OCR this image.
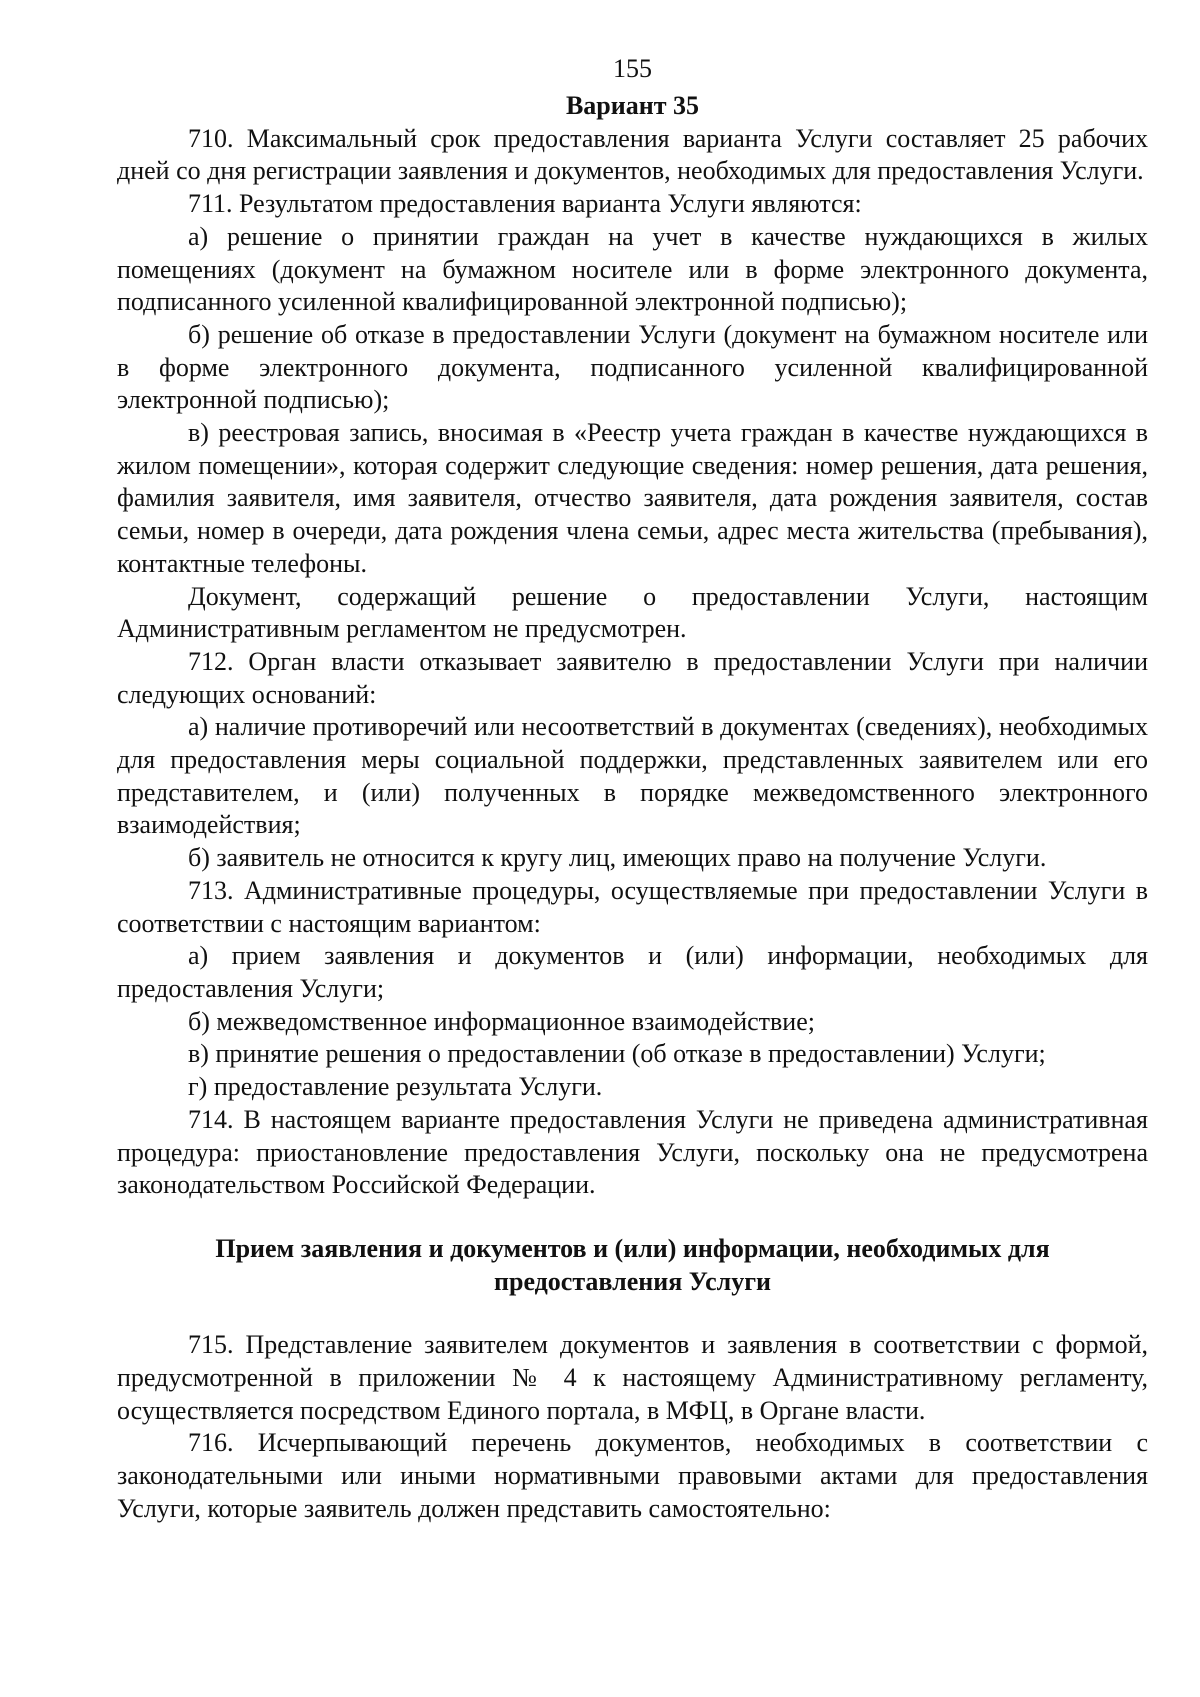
155

Вариант 35

710. Максимальный срок предоставления варианта Услуги составляет 25 рабочих дней со дня регистрации заявления и документов, необходимых для предоставления Услуги.

711. Результатом предоставления варианта Услуги являются:

а) решение о принятии граждан на учет в качестве нуждающихся в жилых помещениях (документ на бумажном носителе или в форме электронного документа, подписанного усиленной квалифицированной электронной подписью);

б) решение об отказе в предоставлении Услуги (документ на бумажном носителе или в форме электронного документа, подписанного усиленной квалифицированной электронной подписью);

в) реестровая запись, вносимая в «Реестр учета граждан в качестве нуждающихся в жилом помещении», которая содержит следующие сведения: номер решения, дата решения, фамилия заявителя, имя заявителя, отчество заявителя, дата рождения заявителя, состав семьи, номер в очереди, дата рождения члена семьи, адрес места жительства (пребывания), контактные телефоны.

Документ, содержащий решение о предоставлении Услуги, настоящим Административным регламентом не предусмотрен.

712. Орган власти отказывает заявителю в предоставлении Услуги при наличии следующих оснований:

а) наличие противоречий или несоответствий в документах (сведениях), необходимых для предоставления меры социальной поддержки, представленных заявителем или его представителем, и (или) полученных в порядке межведомственного электронного взаимодействия;

б) заявитель не относится к кругу лиц, имеющих право на получение Услуги.

713. Административные процедуры, осуществляемые при предоставлении Услуги в соответствии с настоящим вариантом:

а) прием заявления и документов и (или) информации, необходимых для предоставления Услуги;

б) межведомственное информационное взаимодействие;

в) принятие решения о предоставлении (об отказе в предоставлении) Услуги;

г) предоставление результата Услуги.

714. В настоящем варианте предоставления Услуги не приведена административная процедура: приостановление предоставления Услуги, поскольку она не предусмотрена законодательством Российской Федерации.

Прием заявления и документов и (или) информации, необходимых для предоставления Услуги

715. Представление заявителем документов и заявления в соответствии с формой, предусмотренной в приложении № 4 к настоящему Административному регламенту, осуществляется посредством Единого портала, в МФЦ, в Органе власти.

716. Исчерпывающий перечень документов, необходимых в соответствии с законодательными или иными нормативными правовыми актами для предоставления Услуги, которые заявитель должен представить самостоятельно:
